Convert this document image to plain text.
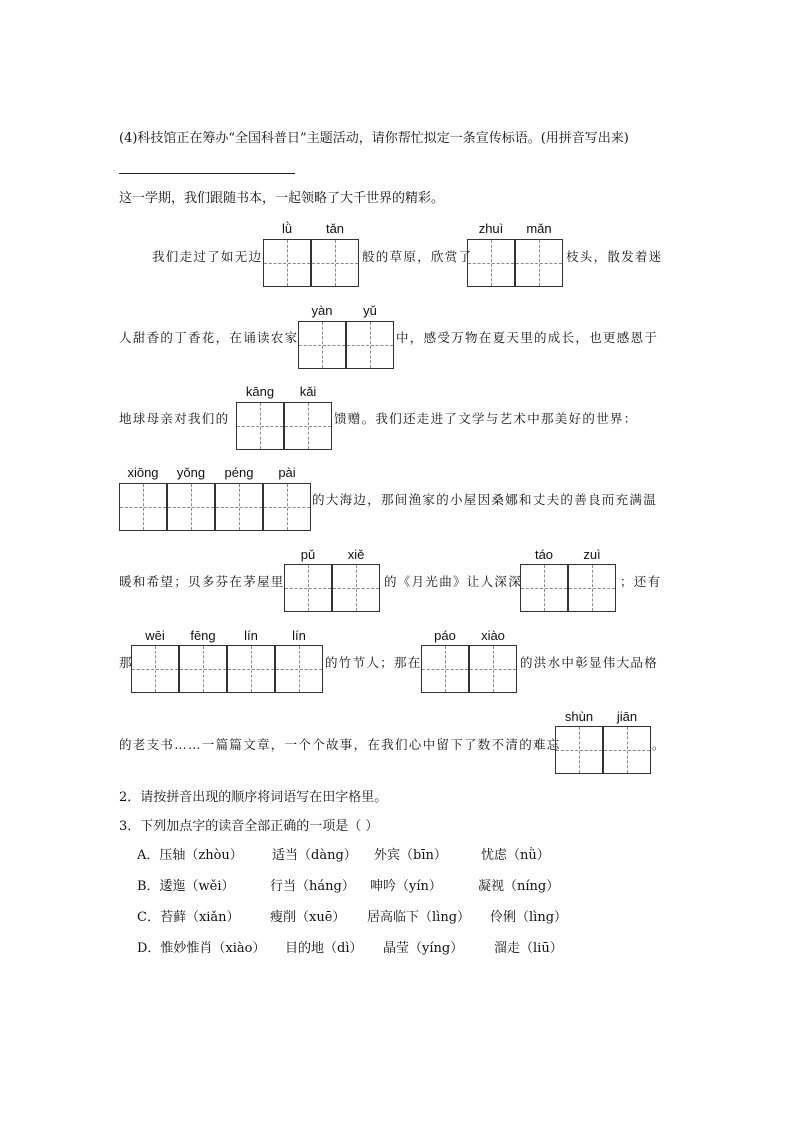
(4)科技馆正在筹办“全国科普日”主题活动，请你帮忙拟定一条宣传标语。(用拼音写出来)
这一学期，我们跟随书本，一起领略了大千世界的精彩。
我们走过了如无边
lǜ	tǎn
般的草原，欣赏了
zhuì	mǎn
枝头，散发着迷
人甜香的丁香花，在诵读农家
yàn	yǔ
中，感受万物在夏天里的成长，也更感恩于
地球母亲对我们的
kāng	kǎi
馈赠。我们还走进了文学与艺术中那美好的世界：
xiōng	yǒng	péng	pài
的大海边，那间渔家的小屋因桑娜和丈夫的善良而充满温
暖和希望；贝多芬在茅屋里
pǔ	xiě
的《月光曲》让人深深
táo	zuì
；还有
那
wēi	fēng	lín	lín
的竹节人；那在
páo	xiào
的洪水中彰显伟大品格
的老支书……一篇篇文章，一个个故事，在我们心中留下了数不清的难忘
shùn	jiān
。
2．请按拼音出现的顺序将词语写在田字格里。
3．下列加点字的读音全部正确的一项是（ ）
A．压轴（zhòu） 适当（dàng） 外宾（bīn）	忧虑（nǜ）
B．逶迤（wěi）	行当（háng） 呻吟（yín）	凝视（níng）
C．苔藓（xiǎn） 瘦削（xuē） 居高临下（lìng） 伶俐（lìng）
D．惟妙惟肖（xiào） 目的地（dì） 晶莹（yíng） 溜走（liū）
